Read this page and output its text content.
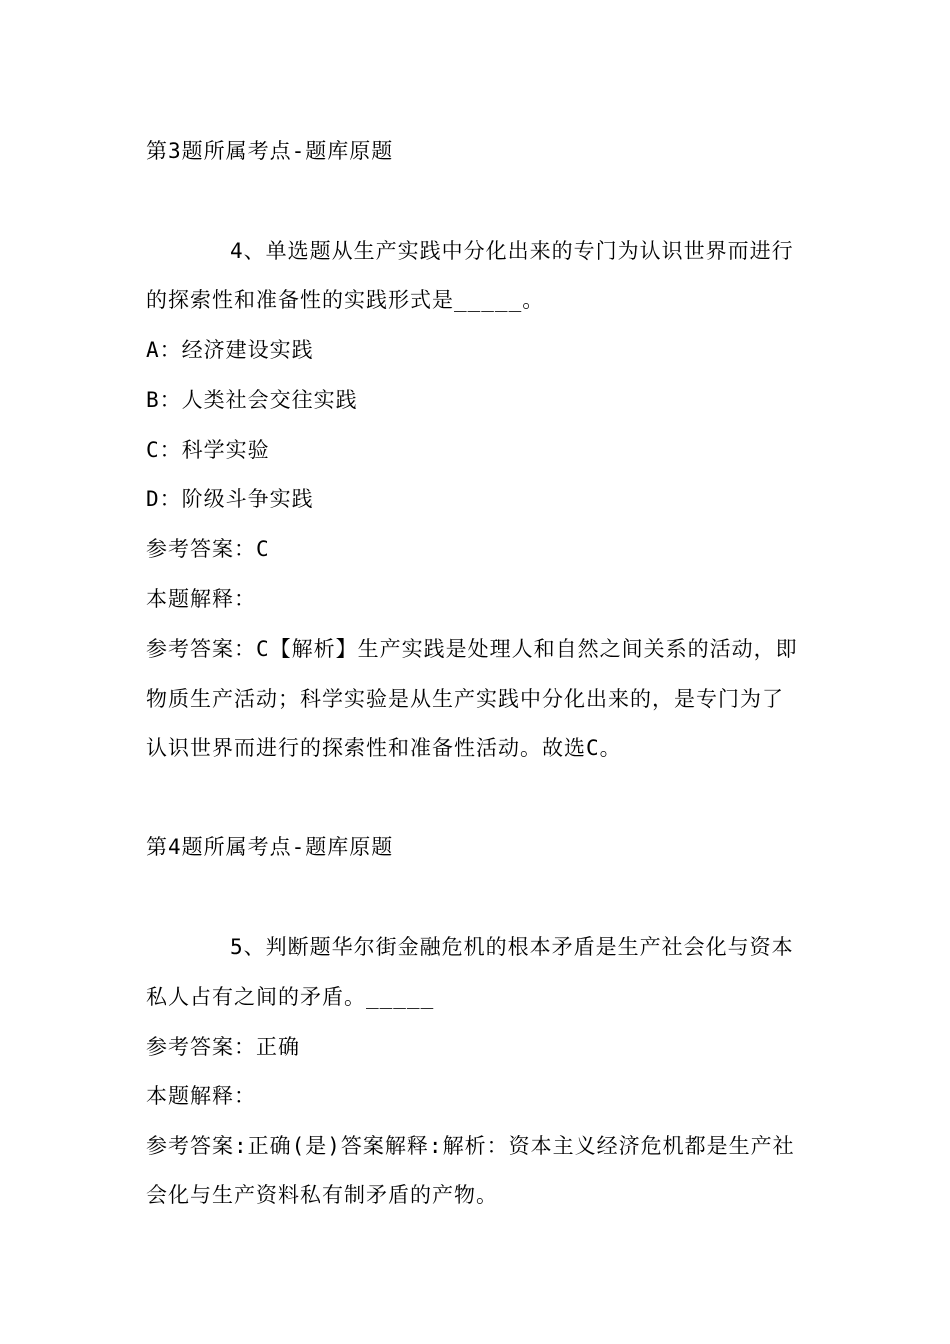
第3题所属考点-题库原题
4、单选题从生产实践中分化出来的专门为认识世界而进行
的探索性和准备性的实践形式是_____。
A：经济建设实践
B：人类社会交往实践
C：科学实验
D：阶级斗争实践
参考答案：C
本题解释：
参考答案：C【解析】生产实践是处理人和自然之间关系的活动，即
物质生产活动；科学实验是从生产实践中分化出来的，是专门为了
认识世界而进行的探索性和准备性活动。故选C。
第4题所属考点-题库原题
5、判断题华尔街金融危机的根本矛盾是生产社会化与资本
私人占有之间的矛盾。_____
参考答案：正确
本题解释：
参考答案:正确(是)答案解释:解析：资本主义经济危机都是生产社
会化与生产资料私有制矛盾的产物。
